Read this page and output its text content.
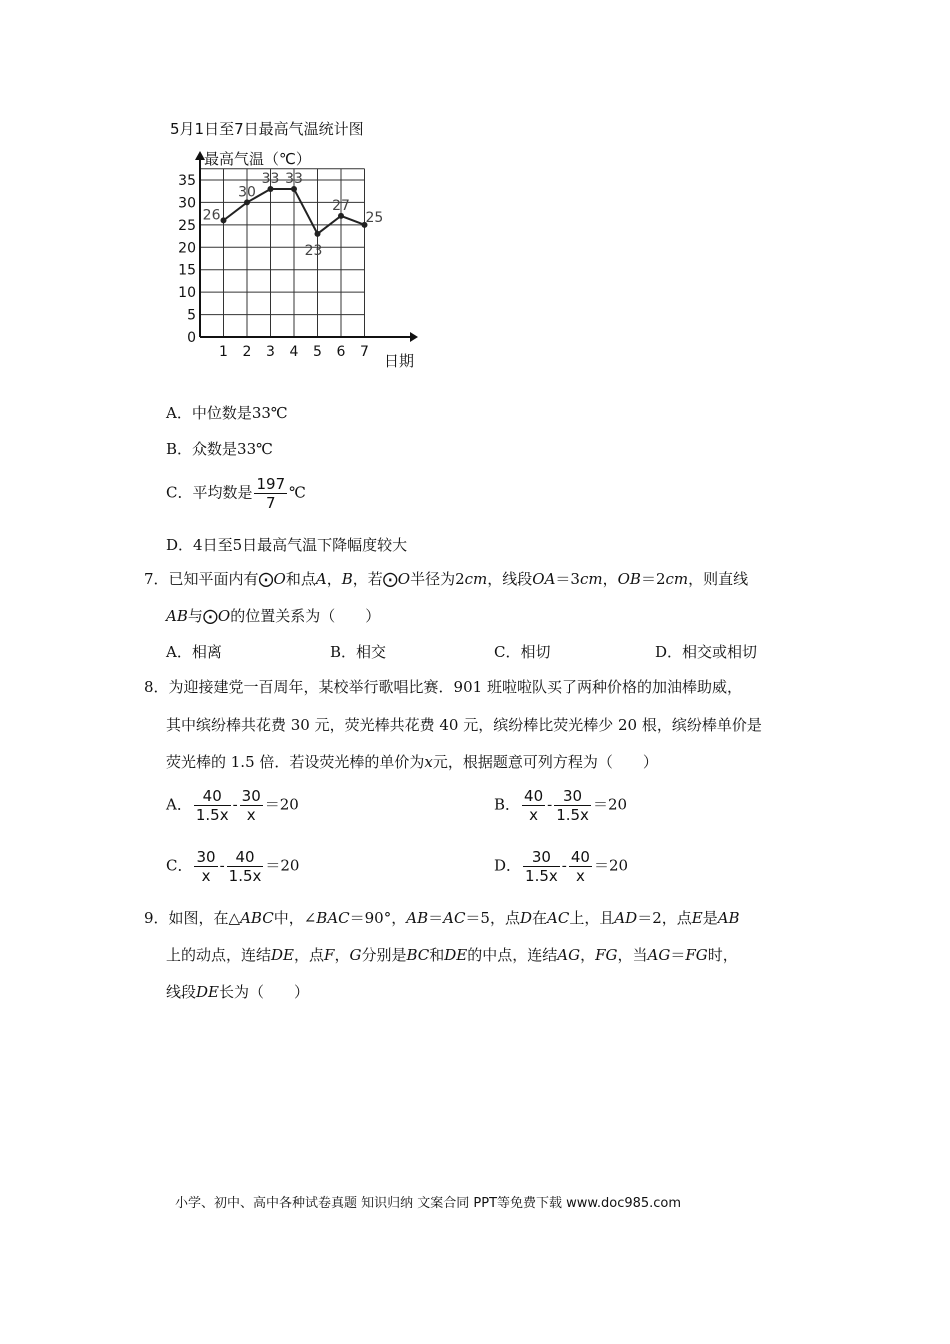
5月1日至7日最高气温统计图
最高气温（℃）
日期
0
5
10
15
20
25
30
35
1 2 3 4 5 6 7
26
30
33 33
23
27
25
A．中位数是33℃
B．众数是33℃
C．平均数是 $\frac{197}{7}$ ℃
D．4日至5日最高气温下降幅度较大
7．已知平面内有⨀O和点A，B，若⨀O半径为2cm，线段OA＝3cm，OB＝2cm，则直线
AB与⨀O的位置关系为（　　）
A．相离	B．相交	C．相切	D．相交或相切
8．为迎接建党一百周年，某校举行歌唱比赛．901 班啦啦队买了两种价格的加油棒助威，
其中缤纷棒共花费 30 元，荧光棒共花费 40 元，缤纷棒比荧光棒少 20 根，缤纷棒单价是
荧光棒的 1.5 倍．若设荧光棒的单价为x元，根据题意可列方程为（　　）
A． $\frac{40}{1.5x} - \frac{30}{x} =20$	B． $\frac{40}{x} - \frac{30}{1.5x} =20$
C． $\frac{30}{x} - \frac{40}{1.5x} =20$	D． $\frac{30}{1.5x} - \frac{40}{x} =20$
9．如图，在△ABC中，∠BAC＝90°，AB＝AC＝5，点D在AC上，且AD＝2，点E是AB
上的动点，连结DE，点F，G分别是BC和DE的中点，连结AG，FG，当AG＝FG时，
线段DE长为（　　）
小学、初中、高中各种试卷真题 知识归纳 文案合同 PPT等免费下载 www.doc985.com
